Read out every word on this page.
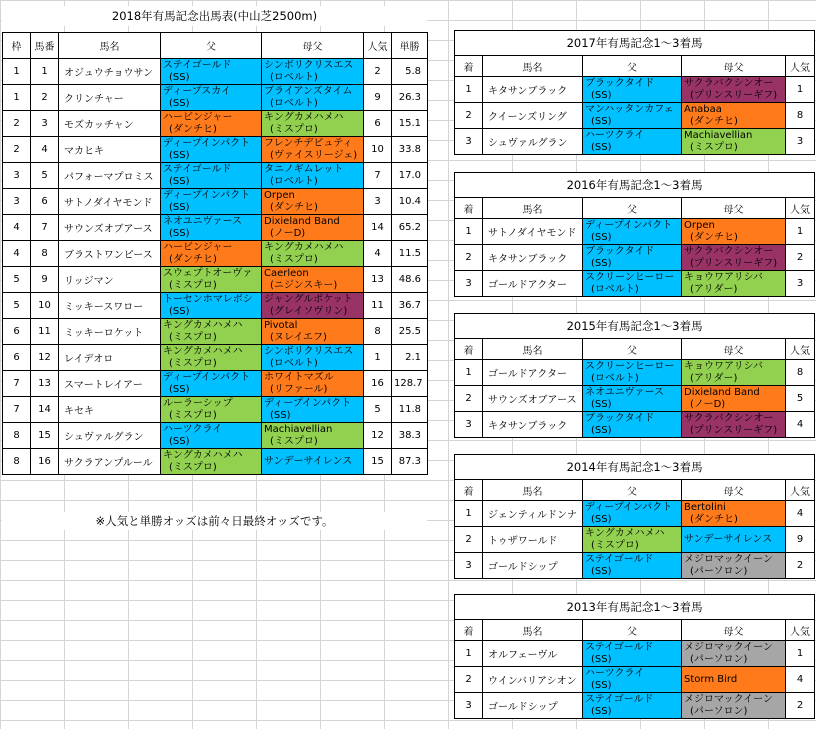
2018年有馬記念出馬表(中山芝2500m)
枠	馬番	馬名	父	母父	人気	単勝
1	1	オジュウチョウサン	ステイゴールド
(SS)	シンボリクリスエス
(ロベルト)	2	5.8
1	2	クリンチャー	ディープスカイ
(SS)	ブライアンズタイム
(ロベルト)	9	26.3
2	3	モズカッチャン	ハービンジャー
(ダンチヒ)	キングカメハメハ
(ミスプロ)	6	15.1
2	4	マカヒキ	ディープインパクト
(SS)	フレンチデピュティ
(ヴァイスリージェ)	10	33.8
3	5	パフォーマプロミス	ステイゴールド
(SS)	タニノギムレット
(ロベルト)	7	17.0
3	6	サトノダイヤモンド	ディープインパクト
(SS)	Orpen
(ダンチヒ)	3	10.4
4	7	サウンズオブアース	ネオユニヴァース
(SS)	Dixieland Band
(ノーD)	14	65.2
4	8	ブラストワンピース	ハービンジャー
(ダンチヒ)	キングカメハメハ
(ミスプロ)	4	11.5
5	9	リッジマン	スウェプトオーヴァ
(ミスプロ)	Caerleon
(ニジンスキー)	13	48.6
5	10	ミッキースワロー	トーセンホマレボシ
(SS)	ジャングルポケット
(グレイソヴリン)	11	36.7
6	11	ミッキーロケット	キングカメハメハ
(ミスプロ)	Pivotal
(ヌレイエフ)	8	25.5
6	12	レイデオロ	キングカメハメハ
(ミスプロ)	シンボリクリスエス
(ロベルト)	1	2.1
7	13	スマートレイアー	ディープインパクト
(SS)	ホワイトマズル
(リファール)	16	128.7
7	14	キセキ	ルーラーシップ
(ミスプロ)	ディープインパクト
(SS)	5	11.8
8	15	シュヴァルグラン	ハーツクライ
(SS)	Machiavellian
(ミスプロ)	12	38.3
8	16	サクラアンプルール	キングカメハメハ
(ミスプロ)	サンデーサイレンス	15	87.3
※人気と単勝オッズは前々日最終オッズです。
2017年有馬記念1～3着馬				
着	馬名	父	母父	人気
1	キタサンブラック	ブラックタイド
(SS)	サクラバクシンオー
(プリンスリーギフ)	1
2	クイーンズリング	マンハッタンカフェ
(SS)	Anabaa
(ダンチヒ)	8
3	シュヴァルグラン	ハーツクライ
(SS)	Machiavellian
(ミスプロ)	3
2016年有馬記念1～3着馬				
着	馬名	父	母父	人気
1	サトノダイヤモンド	ディープインパクト
(SS)	Orpen
(ダンチヒ)	1
2	キタサンブラック	ブラックタイド
(SS)	サクラバクシンオー
(プリンスリーギフ)	2
3	ゴールドアクター	スクリーンヒーロー
(ロベルト)	キョウワアリシバ
(アリダー)	3
2015年有馬記念1～3着馬				
着	馬名	父	母父	人気
1	ゴールドアクター	スクリーンヒーロー
(ロベルト)	キョウワアリシバ
(アリダー)	8
2	サウンズオブアース	ネオユニヴァース
(SS)	Dixieland Band
(ノーD)	5
3	キタサンブラック	ブラックタイド
(SS)	サクラバクシンオー
(プリンスリーギフ)	4
2014年有馬記念1～3着馬				
着	馬名	父	母父	人気
1	ジェンティルドンナ	ディープインパクト
(SS)	Bertolini
(ダンチヒ)	4
2	トゥザワールド	キングカメハメハ
(ミスプロ)	サンデーサイレンス	9
3	ゴールドシップ	ステイゴールド
(SS)	メジロマックイーン
(パーソロン)	2
2013年有馬記念1～3着馬				
着	馬名	父	母父	人気
1	オルフェーヴル	ステイゴールド
(SS)	メジロマックイーン
(パーソロン)	1
2	ウインバリアシオン	ハーツクライ
(SS)	Storm Bird	4
3	ゴールドシップ	ステイゴールド
(SS)	メジロマックイーン
(パーソロン)	2
